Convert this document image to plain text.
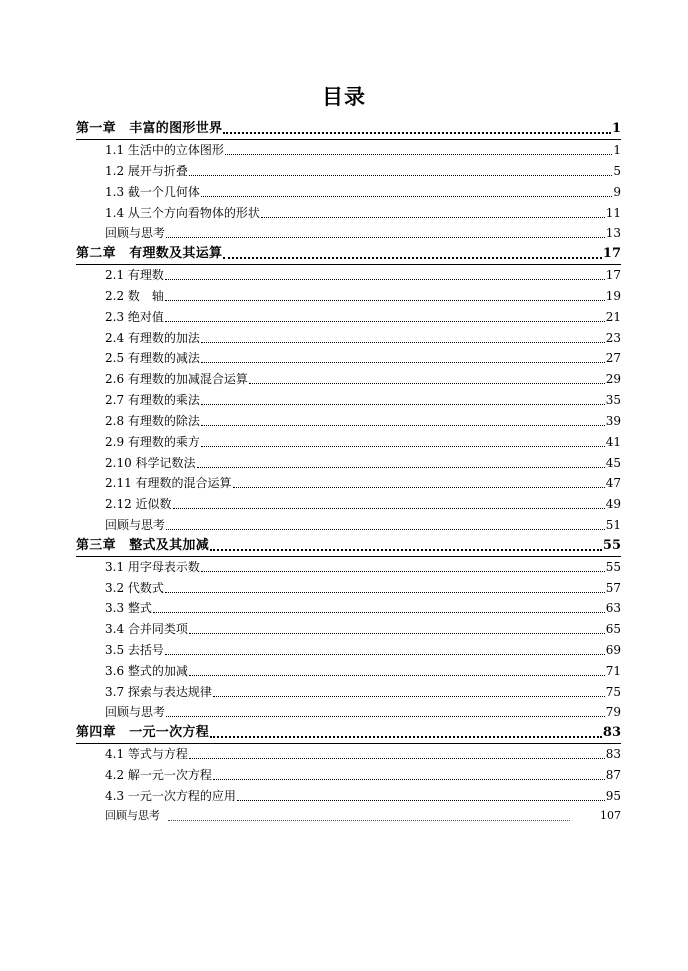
目录
第一章　丰富的图形世界	1
1.1 生活中的立体图形	1
1.2 展开与折叠	5
1.3 截一个几何体	9
1.4 从三个方向看物体的形状	11
回顾与思考	13
第二章　有理数及其运算	17
2.1 有理数	17
2.2 数　轴	19
2.3 绝对值	21
2.4 有理数的加法	23
2.5 有理数的减法	27
2.6 有理数的加减混合运算	29
2.7 有理数的乘法	35
2.8 有理数的除法	39
2.9 有理数的乘方	41
2.10 科学记数法	45
2.11 有理数的混合运算	47
2.12 近似数	49
回顾与思考	51
第三章　整式及其加减	55
3.1 用字母表示数	55
3.2 代数式	57
3.3 整式	63
3.4 合并同类项	65
3.5 去括号	69
3.6 整式的加减	71
3.7 探索与表达规律	75
回顾与思考	79
第四章　一元一次方程	83
4.1 等式与方程	83
4.2 解一元一次方程	87
4.3 一元一次方程的应用	95
回顾与思考	107
